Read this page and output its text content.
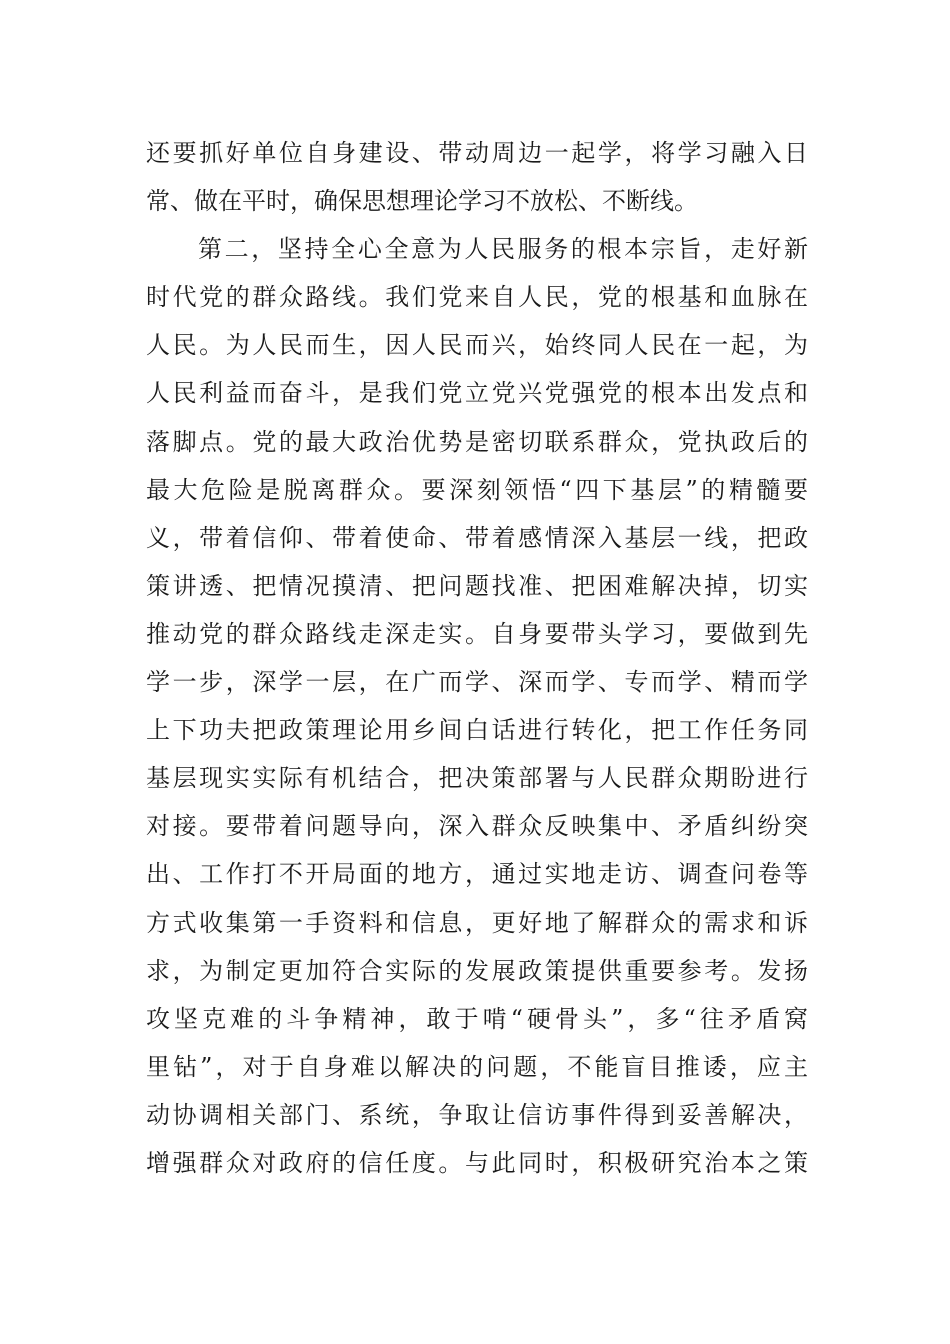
还要抓好单位自身建设、带动周边一起学，将学习融入日
常、做在平时，确保思想理论学习不放松、不断线。
第二，坚持全心全意为人民服务的根本宗旨，走好新
时代党的群众路线。我们党来自人民，党的根基和血脉在
人民。为人民而生，因人民而兴，始终同人民在一起，为
人民利益而奋斗，是我们党立党兴党强党的根本出发点和
落脚点。党的最大政治优势是密切联系群众，党执政后的
最大危险是脱离群众。要深刻领悟“四下基层”的精髓要
义，带着信仰、带着使命、带着感情深入基层一线，把政
策讲透、把情况摸清、把问题找准、把困难解决掉，切实
推动党的群众路线走深走实。自身要带头学习，要做到先
学一步，深学一层，在广而学、深而学、专而学、精而学
上下功夫把政策理论用乡间白话进行转化，把工作任务同
基层现实实际有机结合，把决策部署与人民群众期盼进行
对接。要带着问题导向，深入群众反映集中、矛盾纠纷突
出、工作打不开局面的地方，通过实地走访、调查问卷等
方式收集第一手资料和信息，更好地了解群众的需求和诉
求，为制定更加符合实际的发展政策提供重要参考。发扬
攻坚克难的斗争精神，敢于啃“硬骨头”，多“往矛盾窝
里钻”，对于自身难以解决的问题，不能盲目推诿，应主
动协调相关部门、系统，争取让信访事件得到妥善解决，
增强群众对政府的信任度。与此同时，积极研究治本之策
